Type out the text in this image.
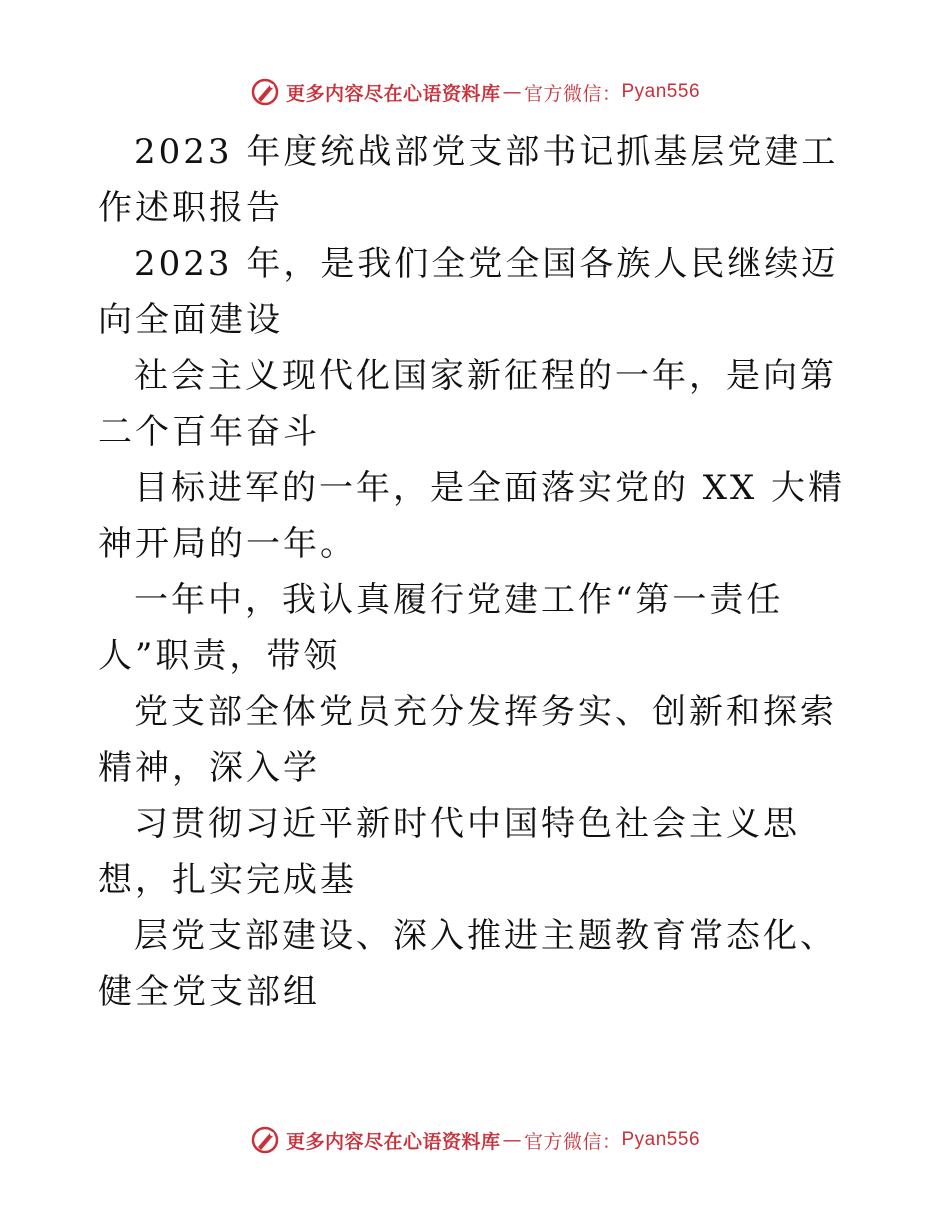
更多内容尽在心语资料库 — 官方微信： Pyan556

2023 年度统战部党支部书记抓基层党建工作述职报告

2023 年，是我们全党全国各族人民继续迈向全面建设

社会主义现代化国家新征程的一年，是向第二个百年奋斗

目标进军的一年，是全面落实党的 XX 大精神开局的一年。

一年中，我认真履行党建工作“第一责任人”职责，带领

党支部全体党员充分发挥务实、创新和探索精神，深入学

习贯彻习近平新时代中国特色社会主义思想，扎实完成基

层党支部建设、深入推进主题教育常态化、健全党支部组

更多内容尽在心语资料库 — 官方微信： Pyan556
